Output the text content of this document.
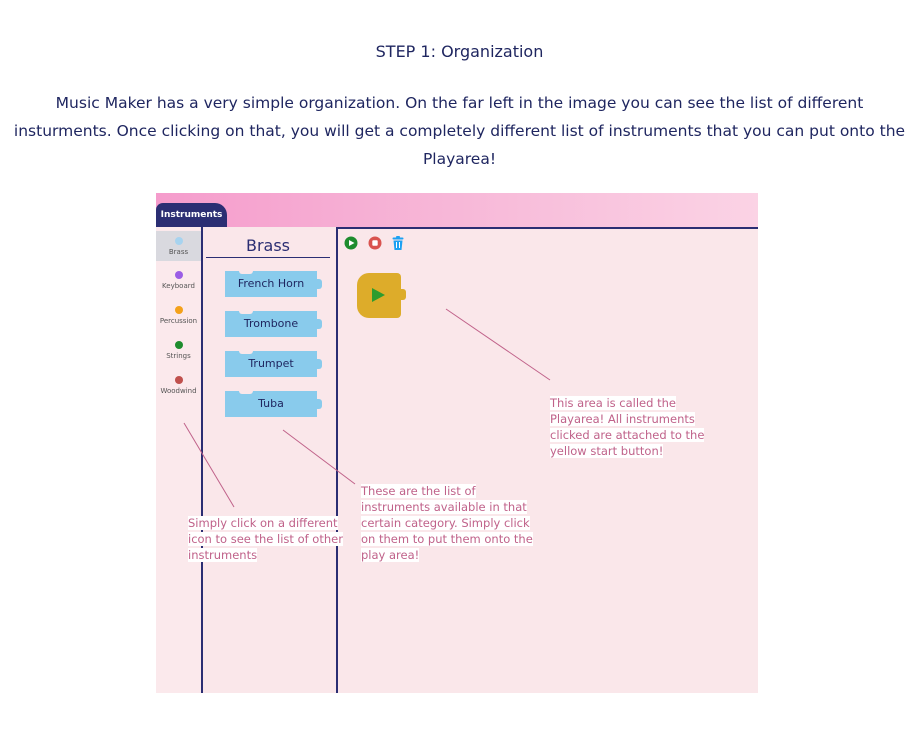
STEP 1: Organization
Music Maker has a very simple organization. On the far left in the image you can see the list of different insturments. Once clicking on that, you will get a completely different list of instruments that you can put onto the Playarea!
Instruments
Brass
Keyboard
Percussion
Strings
Woodwind
Brass
French Horn
Trombone
Trumpet
Tuba	This area is called the Playarea! All instruments clicked are attached to the yellow start button!
These are the list of instruments available in that certain category. Simply click on them to put them onto the play area!
Simply click on a different icon to see the list of other instruments
